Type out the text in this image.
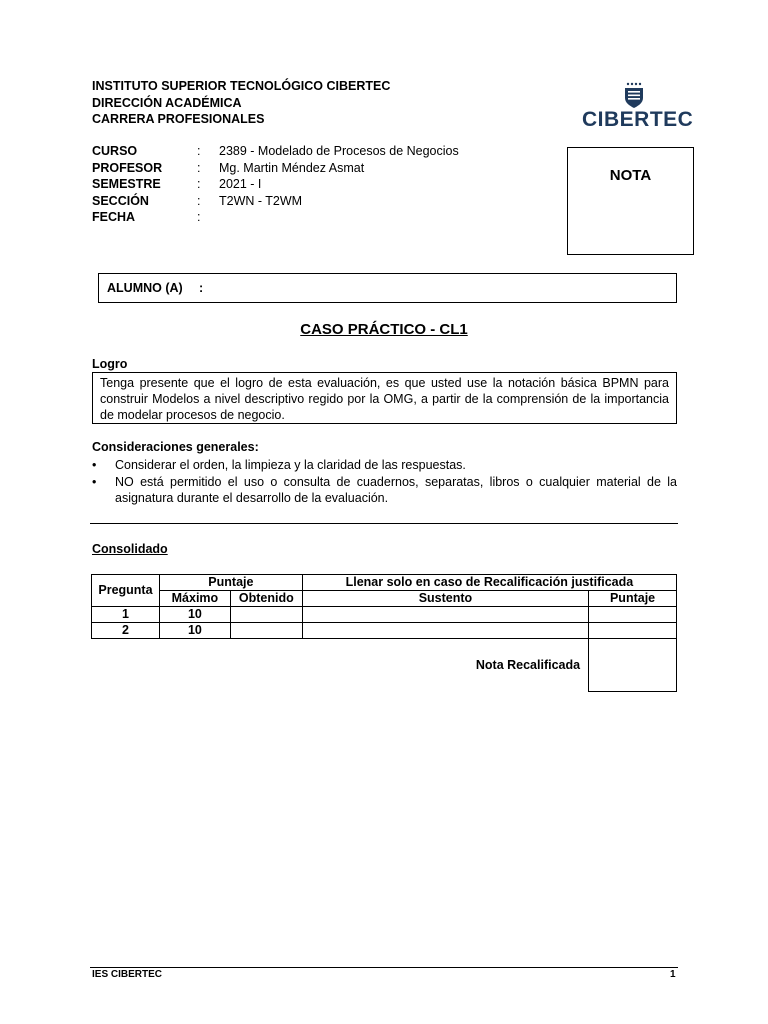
INSTITUTO SUPERIOR TECNOLÓGICO CIBERTEC
DIRECCIÓN ACADÉMICA
CARRERA PROFESIONALES	CIBERTEC
CURSO	:	2389 - Modelado de Procesos de Negocios
PROFESOR	:	Mg. Martin Méndez Asmat
SEMESTRE	:	2021 - I
SECCIÓN	:	T2WN - T2WM
FECHA	:
NOTA
ALUMNO (A) :
CASO PRÁCTICO - CL1
Logro
Tenga presente que el logro de esta evaluación, es que usted use la notación básica BPMN para construir Modelos a nivel descriptivo regido por la OMG, a partir de la comprensión de la importancia de modelar procesos de negocio.
Consideraciones generales:
• Considerar el orden, la limpieza y la claridad de las respuestas.
• NO está permitido el uso o consulta de cuadernos, separatas, libros o cualquier material de la asignatura durante el desarrollo de la evaluación.
Consolidado
Pregunta	Puntaje		Llenar solo en caso de Recalificación justificada	
	Máximo	Obtenido	Sustento	Puntaje
1	10			
2	10			
Nota Recalificada				
IES CIBERTEC	1
